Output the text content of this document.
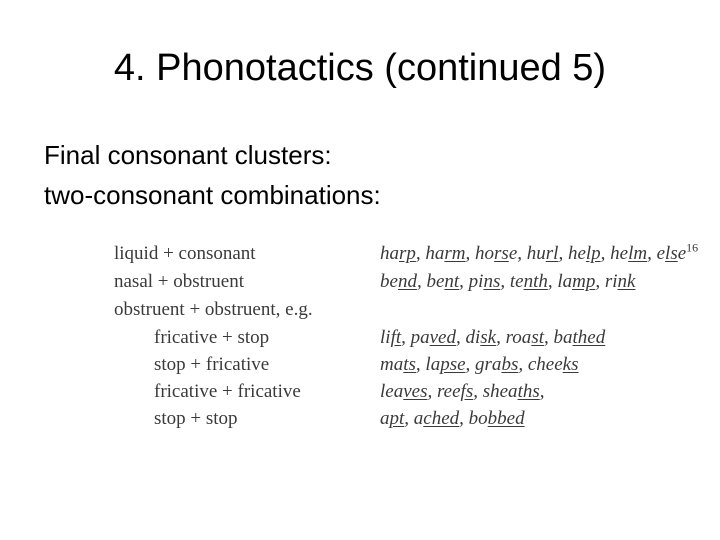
4. Phonotactics (continued 5)
Final consonant clusters:
two-consonant combinations:
liquid + consonant	harp, harm, horse, hurl, help, helm, else$^{16}$
nasal + obstruent	bend, bent, pins, tenth, lamp, rink
obstruent + obstruent, e.g.
fricative + stop	lift, paved, disk, roast, bathed
stop + fricative	mats, lapse, grabs, cheeks
fricative + fricative	leaves, reefs, sheaths,
stop + stop	apt, ached, bobbed
